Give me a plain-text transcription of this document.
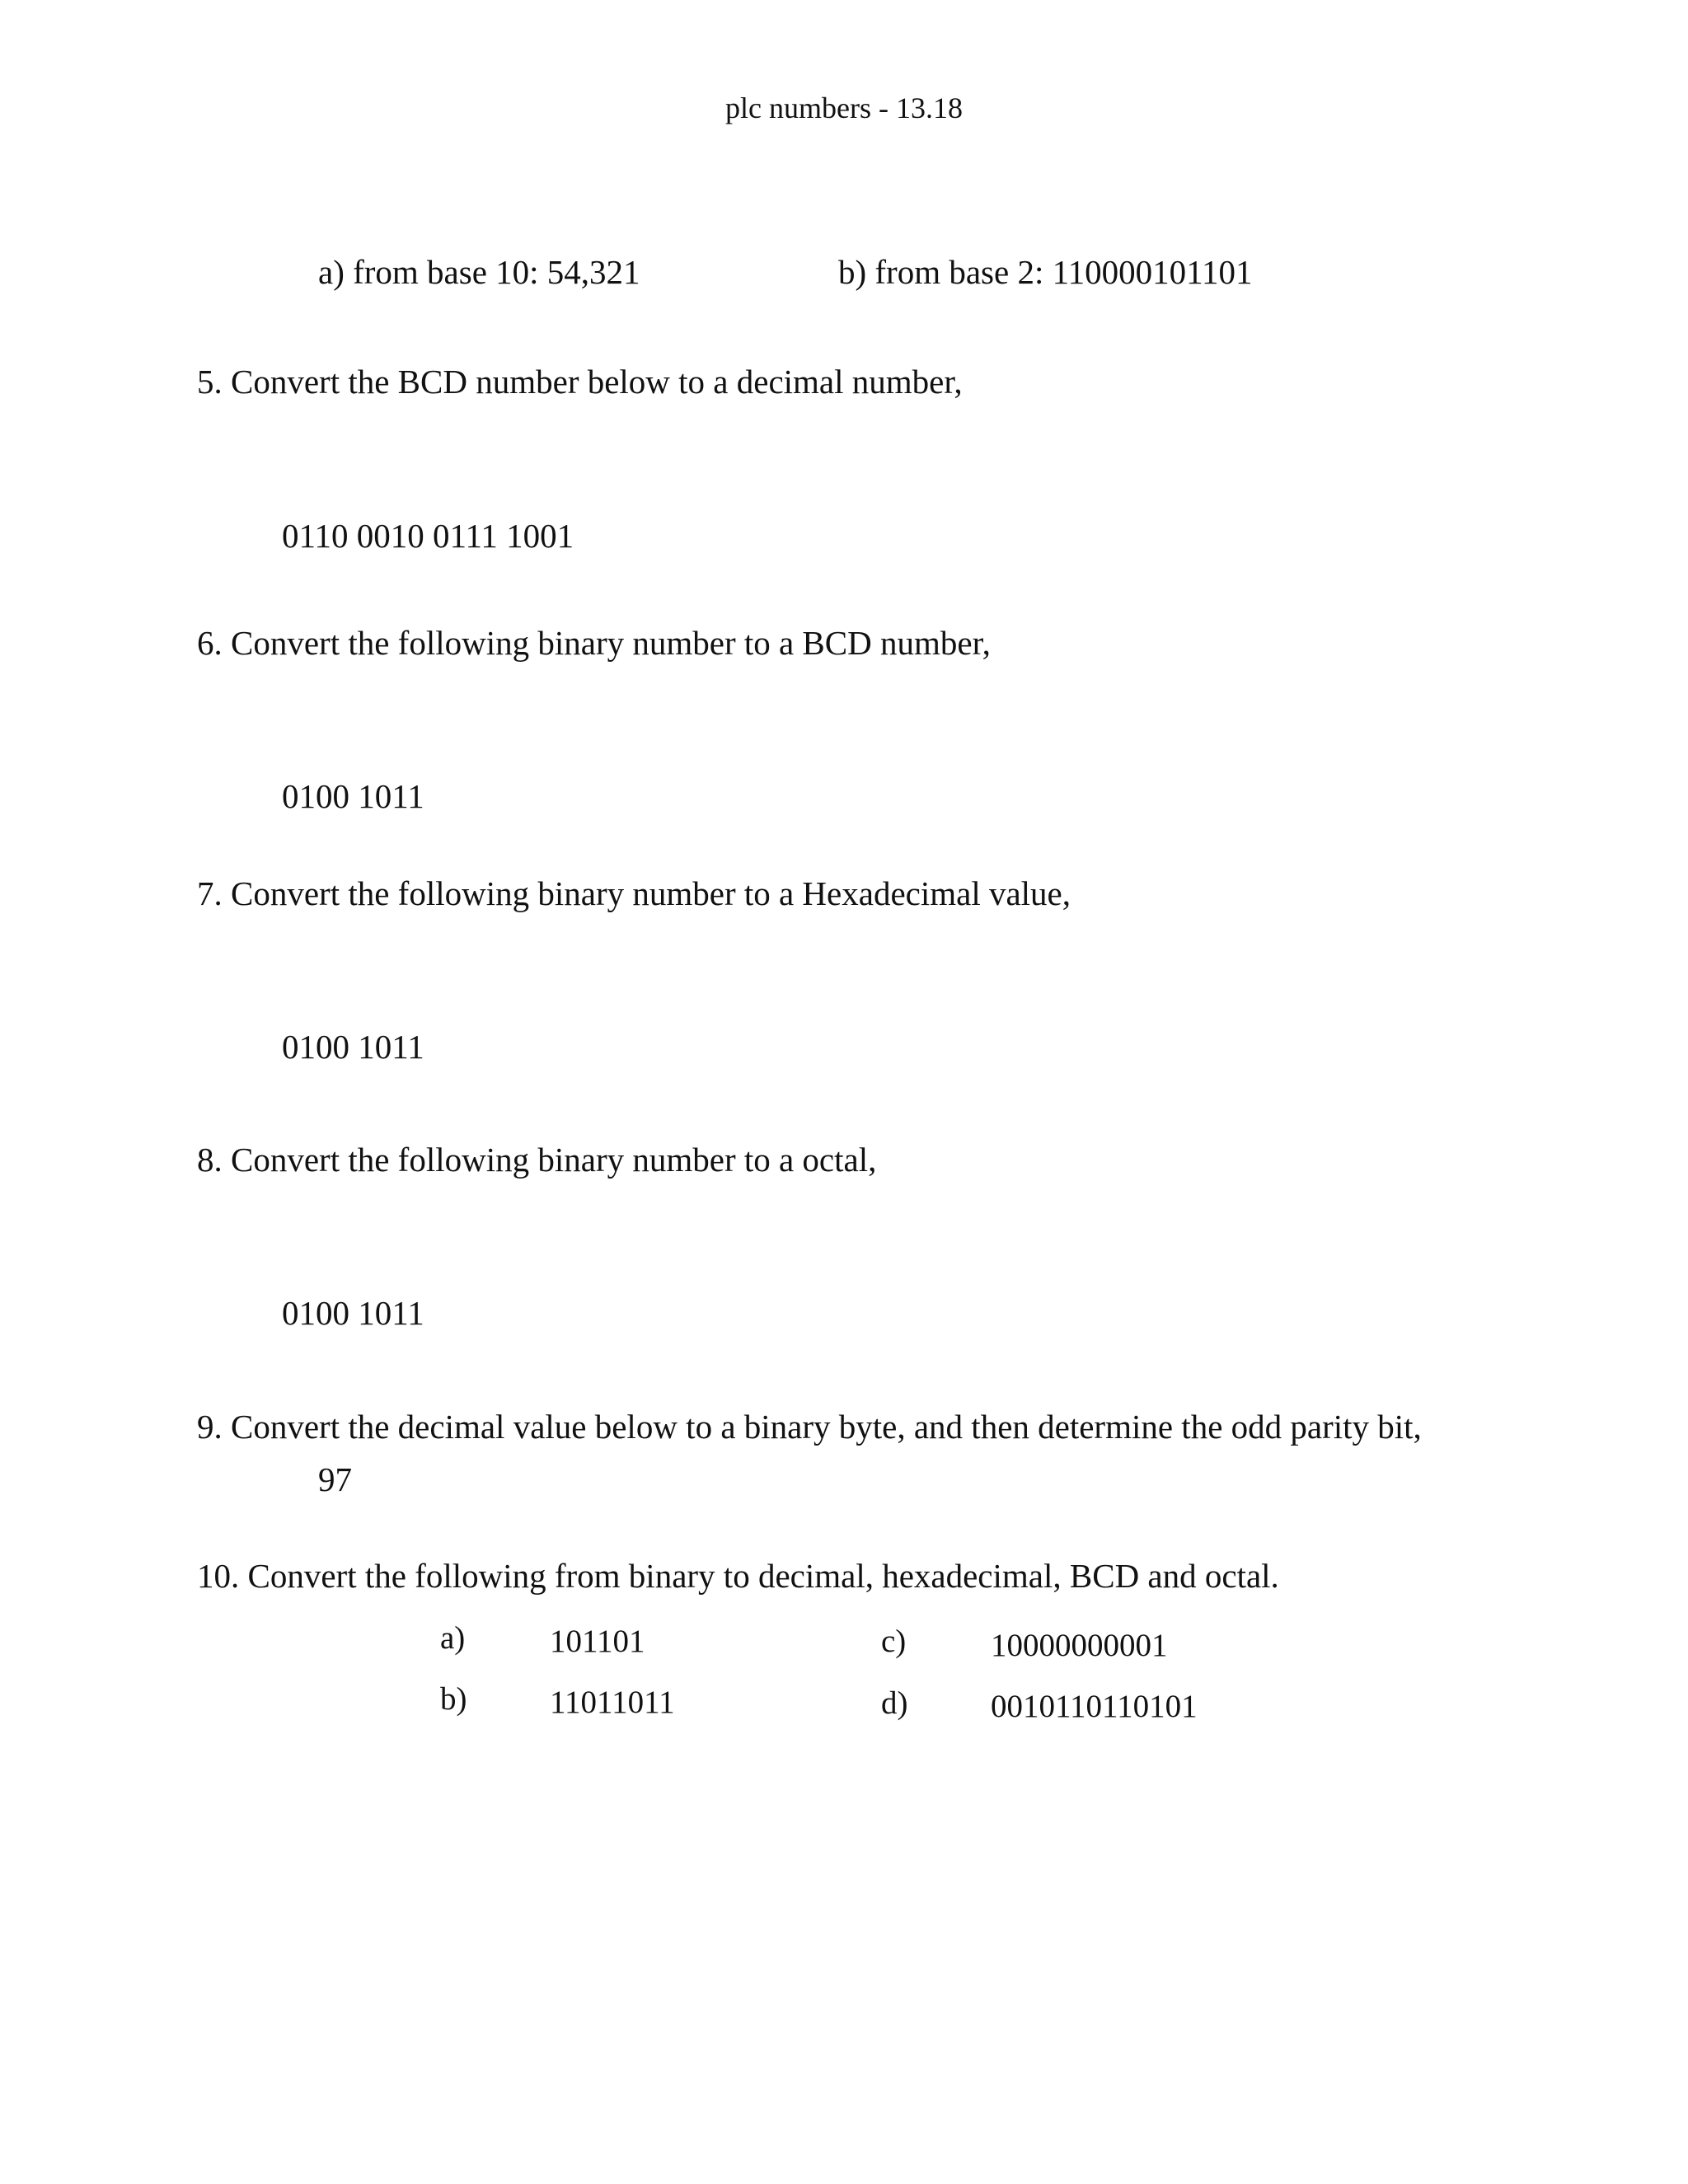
plc numbers - 13.18
a) from base 10: 54,321	b) from base 2: 110000101101
5. Convert the BCD number below to a decimal number,
0110 0010 0111 1001
6. Convert the following binary number to a BCD number,
0100 1011
7. Convert the following binary number to a Hexadecimal value,
0100 1011
8. Convert the following binary number to a octal,
0100 1011
9. Convert the decimal value below to a binary byte, and then determine the odd parity bit,
97
10. Convert the following from binary to decimal, hexadecimal, BCD and octal.
a)	101101	c)	10000000001
b)	11011011	d)	0010110110101
